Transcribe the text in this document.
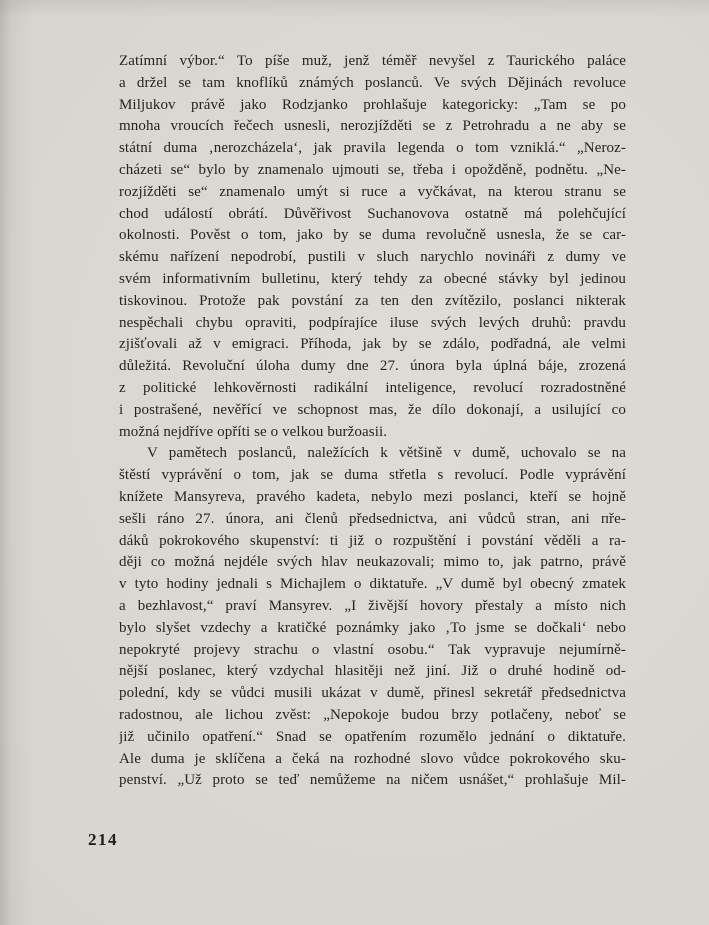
Zatímní výbor.“ To píše muž, jenž téměř nevyšel z Taurického paláce
a držel se tam knoflíků známých poslanců. Ve svých Dějinách revoluce
Miljukov právě jako Rodzjanko prohlašuje kategoricky: „Tam se po
mnoha vroucích řečech usnesli, nerozjížděti se z Petrohradu a ne aby se
státní duma ‚nerozcházela‘, jak pravila legenda o tom vzniklá.“ „Neroz-
cházeti se“ bylo by znamenalo ujmouti se, třeba i opožděně, podnětu. „Ne-
rozjížděti se“ znamenalo umýt si ruce a vyčkávat, na kterou stranu se
chod událostí obrátí. Důvěřivost Suchanovova ostatně má polehčující
okolnosti. Pověst o tom, jako by se duma revolučně usnesla, že se car-
skému nařízení nepodrobí, pustili v sluch narychlo novináři z dumy ve
svém informativním bulletinu, který tehdy za obecné stávky byl jedinou
tiskovinou. Protože pak povstání za ten den zvítězilo, poslanci nikterak
nespěchali chybu opraviti, podpírajíce iluse svých levých druhů: pravdu
zjišťovali až v emigraci. Příhoda, jak by se zdálo, podřadná, ale velmi
důležitá. Revoluční úloha dumy dne 27. února byla úplná báje, zrozená
z politické lehkověrnosti radikální inteligence, revolucí rozradostněné
i postrašené, nevěřící ve schopnost mas, že dílo dokonají, a usilující co
možná nejdříve opříti se o velkou buržoasii.
V pamětech poslanců, naležících k většině v dumě, uchovalo se na
štěstí vyprávění o tom, jak se duma střetla s revolucí. Podle vyprávění
knížete Mansyreva, pravého kadeta, nebylo mezi poslanci, kteří se hojně
sešli ráno 27. února, ani členů předsednictva, ani vůdců stran, ani пře-
dáků pokrokového skupenství: ti již o rozpuštění i povstání věděli a ra-
ději co možná nejdéle svých hlav neukazovali; mimo to, jak patrno, právě
v tyto hodiny jednali s Michajlem o diktatuře. „V dumě byl obecný zmatek
a bezhlavost,“ praví Mansyrev. „I živější hovory přestaly a místo nich
bylo slyšet vzdechy a kratičké poznámky jako ‚To jsme se dočkali‘ nebo
nepokryté projevy strachu o vlastní osobu.“ Tak vypravuje nejumírně-
nější poslanec, který vzdychal hlasitěji než jiní. Již o druhé hodině od-
polední, kdy se vůdci musili ukázat v dumě, přinesl sekretář předsednictva
radostnou, ale lichou zvěst: „Nepokoje budou brzy potlačeny, neboť se
již učinilo opatření.“ Snad se opatřením rozumělo jednání o diktatuře.
Ale duma je sklíčena a čeká na rozhodné slovo vůdce pokrokového sku-
penství. „Už proto se teď nemůžeme na ničem usnášet,“ prohlašuje Mil-
214
